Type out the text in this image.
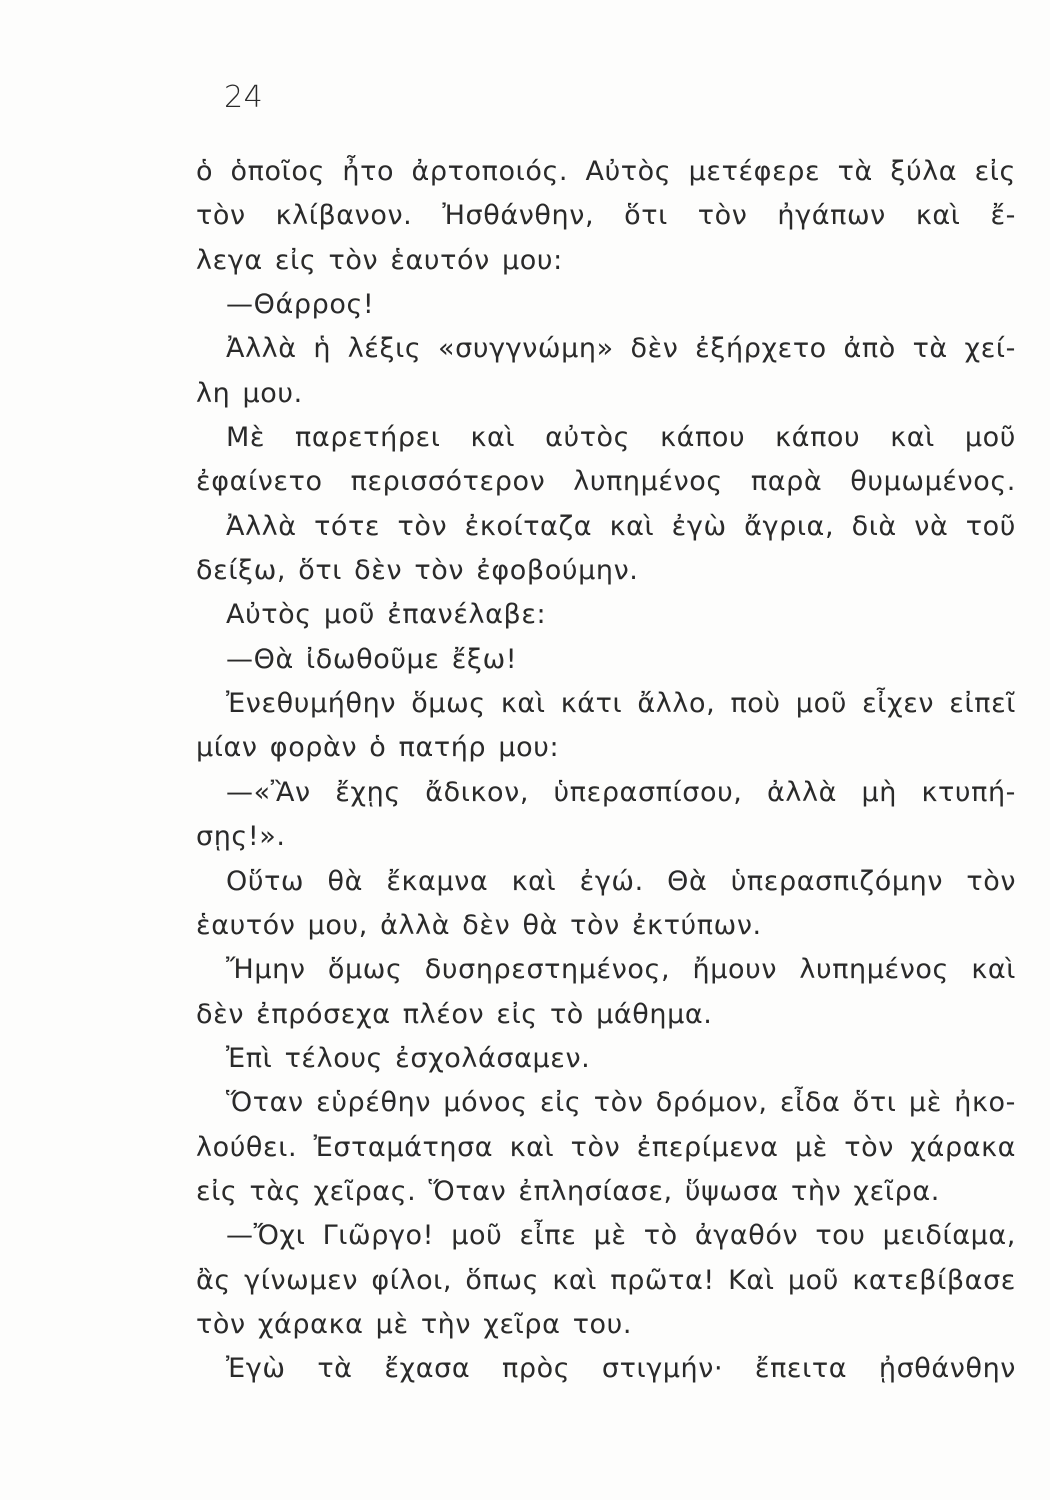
24
ὁ ὁποῖος ἦτο ἀρτοποιός. Αὐτὸς μετέφερε τὰ ξύλα εἰς
τὸν κλίβανον. Ἠσθάνθην, ὅτι τὸν ἠγάπων καὶ ἔ-
λεγα εἰς τὸν ἑαυτόν μου:
—Θάρρος!
Ἀλλὰ ἡ λέξις «συγγνώμη» δὲν ἐξήρχετο ἀπὸ τὰ χεί-
λη μου.
Μὲ παρετήρει καὶ αὐτὸς κάπου κάπου καὶ μοῦ
ἐφαίνετο περισσότερον λυπημένος παρὰ θυμωμένος.
Ἀλλὰ τότε τὸν ἐκοίταζα καὶ ἐγὼ ἄγρια, διὰ νὰ τοῦ
δείξω, ὅτι δὲν τὸν ἐφοβούμην.
Αὐτὸς μοῦ ἐπανέλαβε:
—Θὰ ἰδωθοῦμε ἔξω!
Ἐνεθυμήθην ὅμως καὶ κάτι ἄλλο, ποὺ μοῦ εἶχεν εἰπεῖ
μίαν φορὰν ὁ πατήρ μου:
—«Ἂν ἔχῃς ἄδικον, ὑπερασπίσου, ἀλλὰ μὴ κτυπή-
σῃς!».
Οὕτω θὰ ἔκαμνα καὶ ἐγώ. Θὰ ὑπερασπιζόμην τὸν
ἑαυτόν μου, ἀλλὰ δὲν θὰ τὸν ἐκτύπων.
Ἤμην ὅμως δυσηρεστημένος, ἤμουν λυπημένος καὶ
δὲν ἐπρόσεχα πλέον εἰς τὸ μάθημα.
Ἐπὶ τέλους ἐσχολάσαμεν.
Ὅταν εὑρέθην μόνος εἰς τὸν δρόμον, εἶδα ὅτι μὲ ἠκο-
λούθει. Ἐσταμάτησα καὶ τὸν ἐπερίμενα μὲ τὸν χάρακα
εἰς τὰς χεῖρας. Ὅταν ἐπλησίασε, ὕψωσα τὴν χεῖρα.
—Ὄχι Γιῶργο! μοῦ εἶπε μὲ τὸ ἀγαθόν του μειδίαμα,
ἂς γίνωμεν φίλοι, ὅπως καὶ πρῶτα! Καὶ μοῦ κατεβίβασε
τὸν χάρακα μὲ τὴν χεῖρα του.
Ἐγὼ τὰ ἔχασα πρὸς στιγμήν· ἔπειτα ᾐσθάνθην
